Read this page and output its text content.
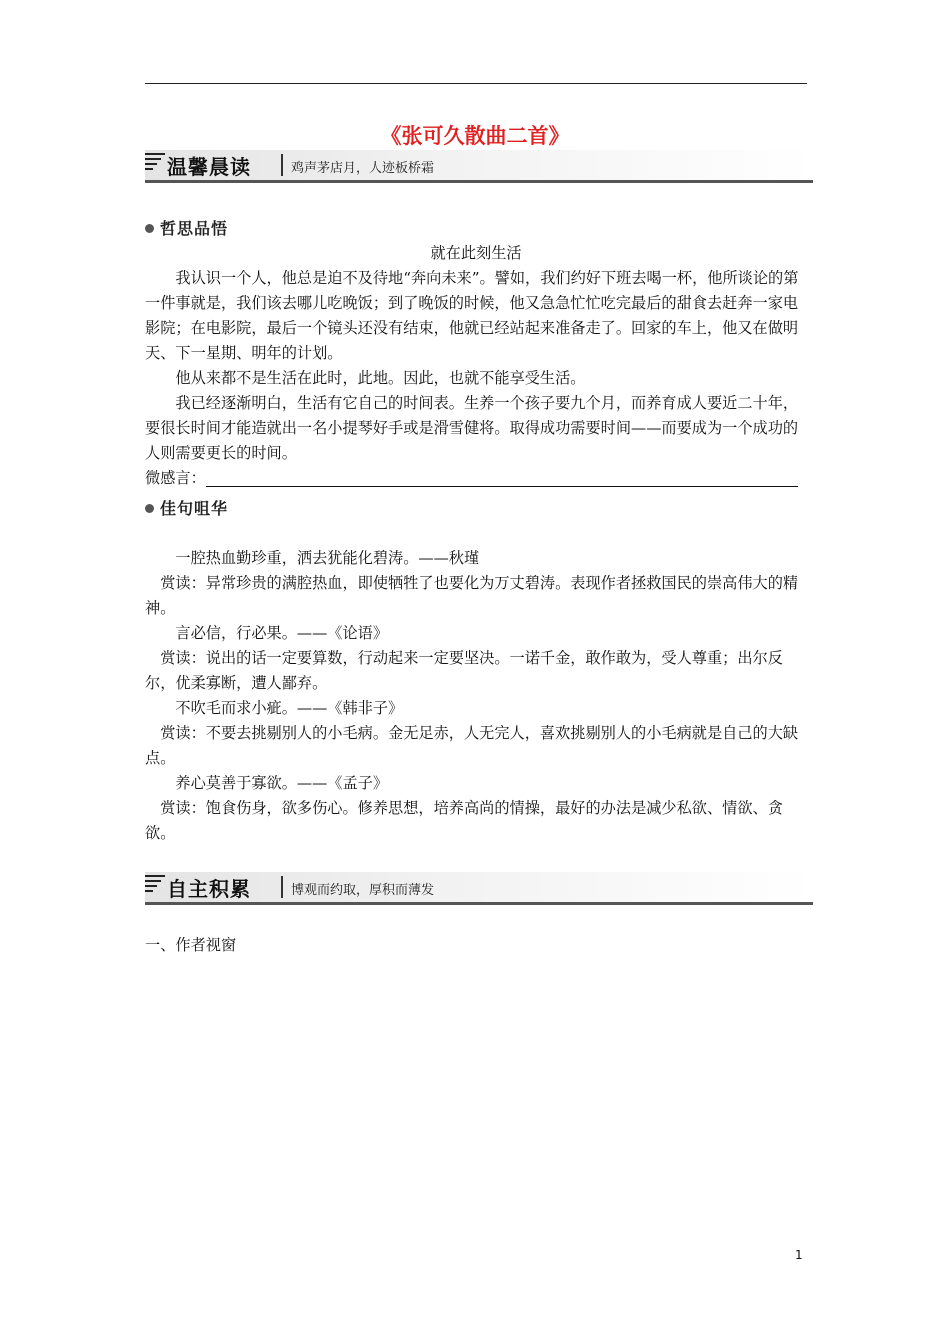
《张可久散曲二首》
温馨晨读	鸡声茅店月，人迹板桥霜
哲思品悟
就在此刻生活

我认识一个人，他总是迫不及待地“奔向未来”。譬如，我们约好下班去喝一杯，他所谈论的第一件事就是，我们该去哪儿吃晚饭；到了晚饭的时候，他又急急忙忙吃完最后的甜食去赶奔一家电影院；在电影院，最后一个镜头还没有结束，他就已经站起来准备走了。回家的车上，他又在做明天、下一星期、明年的计划。

他从来都不是生活在此时，此地。因此，也就不能享受生活。

我已经逐渐明白，生活有它自己的时间表。生养一个孩子要九个月，而养育成人要近二十年，要很长时间才能造就出一名小提琴好手或是滑雪健将。取得成功需要时间——而要成为一个成功的人则需要更长的时间。

微感言：

佳句咀华

一腔热血勤珍重，洒去犹能化碧涛。——秋瑾

赏读：异常珍贵的满腔热血，即使牺牲了也要化为万丈碧涛。表现作者拯救国民的崇高伟大的精神。

言必信，行必果。——《论语》

赏读：说出的话一定要算数，行动起来一定要坚决。一诺千金，敢作敢为，受人尊重；出尔反尔，优柔寡断，遭人鄙弃。

不吹毛而求小疵。——《韩非子》

赏读：不要去挑剔别人的小毛病。金无足赤，人无完人，喜欢挑剔别人的小毛病就是自己的大缺点。

养心莫善于寡欲。——《孟子》

赏读：饱食伤身，欲多伤心。修养思想，培养高尚的情操，最好的办法是减少私欲、情欲、贪欲。

自主积累	博观而约取，厚积而薄发
一、作者视窗
1
